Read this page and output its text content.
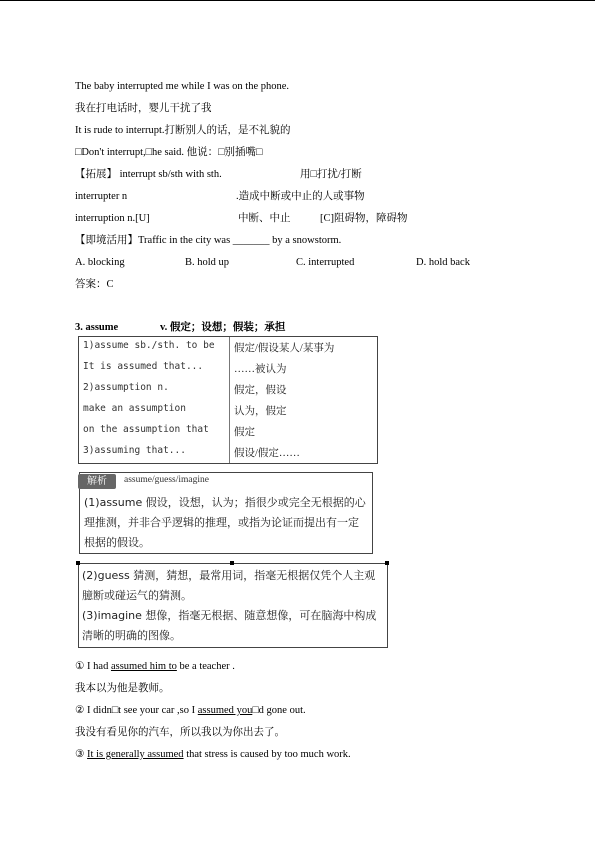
The baby interrupted me while I was on the phone.
我在打电话时，婴儿干扰了我
It is rude to interrupt.打断别人的话，是不礼貌的
□Don't interrupt,□he said. 他说：□别插嘴□
【拓展】 interrupt sb/sth with sth.	用□打扰/打断
interrupter n	.造成中断或中止的人或事物
interruption n.[U]	中断、中止	[C]阻碍物，障碍物
【即境活用】Traffic in the city was _______ by a snowstorm.
A. blocking	B. hold up	C. interrupted	D. hold back
答案：C
3. assume	v. 假定；设想；假装；承担
1)assume sb./sth. to be 假定/假设某人/某事为
It is assumed that...	……被认为
2)assumption n.	假定，假设
make an assumption	认为，假定
on the assumption that 假定
3)assuming that...	假设/假定……
解析	assume/guess/imagine
(1)assume 假设，设想，认为；指很少或完全无根据的心理推测，并非合乎逻辑的推理，或指为论证而提出有一定根据的假设。
(2)guess 猜测，猜想，最常用词，指毫无根据仅凭个人主观臆断或碰运气的猜测。
(3)imagine 想像，指毫无根据、随意想像，可在脑海中构成清晰的明确的图像。
① I had assumed him to be a teacher .
我本以为他是教师。
② I didn□t see your car ,so I assumed you□d gone out.
我没有看见你的汽车，所以我以为你出去了。
③ It is generally assumed that stress is caused by too much work.
